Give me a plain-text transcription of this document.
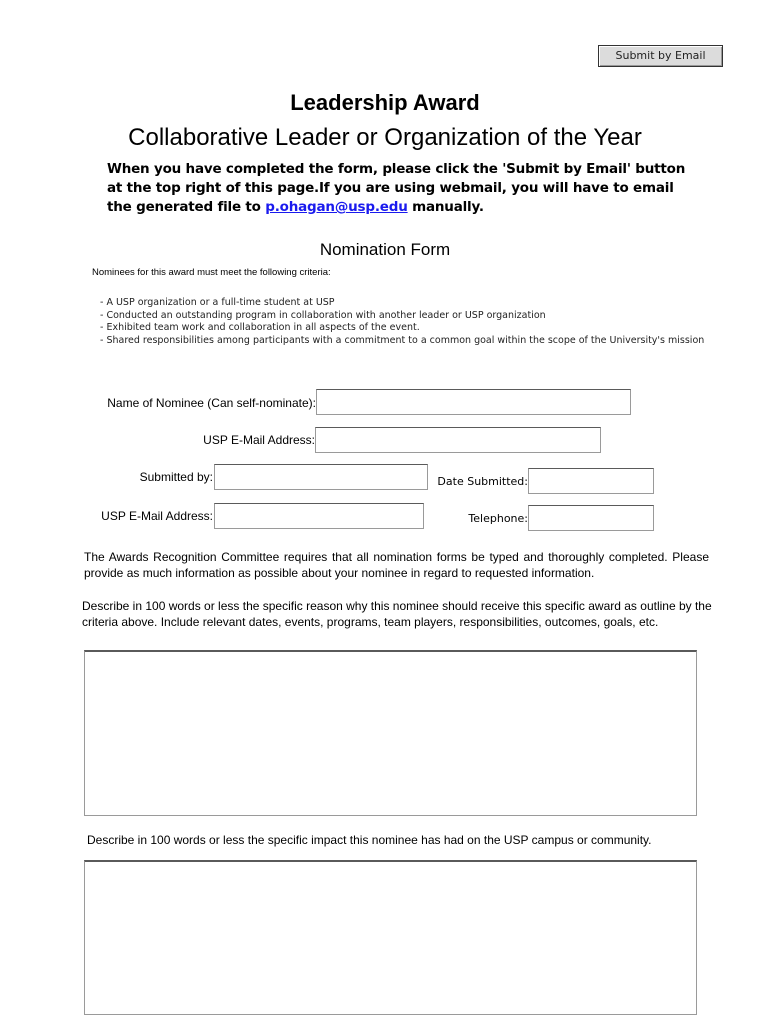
Submit by Email
Leadership Award
Collaborative Leader or Organization of the Year
When you have completed the form, please click the 'Submit by Email' button at the top right of this page.If you are using webmail, you will have to email the generated file to p.ohagan@usp.edu manually.
Nomination Form
Nominees for this award must meet the following criteria:
- A USP organization or a full-time student at USP
- Conducted an outstanding program in collaboration with another leader or USP organization
- Exhibited team work and collaboration in all aspects of the event.
- Shared responsibilities among participants with a commitment to a common goal within the scope of the University's mission
Name of Nominee (Can self-nominate):
USP E-Mail Address:
Submitted by:	Date Submitted:
USP E-Mail Address:	Telephone:
The Awards Recognition Committee requires that all nomination forms be typed and thoroughly completed. Please provide as much information as possible about your nominee in regard to requested information.
Describe in 100 words or less the specific reason why this nominee should receive this specific award as outline by the criteria above. Include relevant dates, events, programs, team players, responsibilities, outcomes, goals, etc.
Describe in 100 words or less the specific impact this nominee has had on the USP campus or community.
